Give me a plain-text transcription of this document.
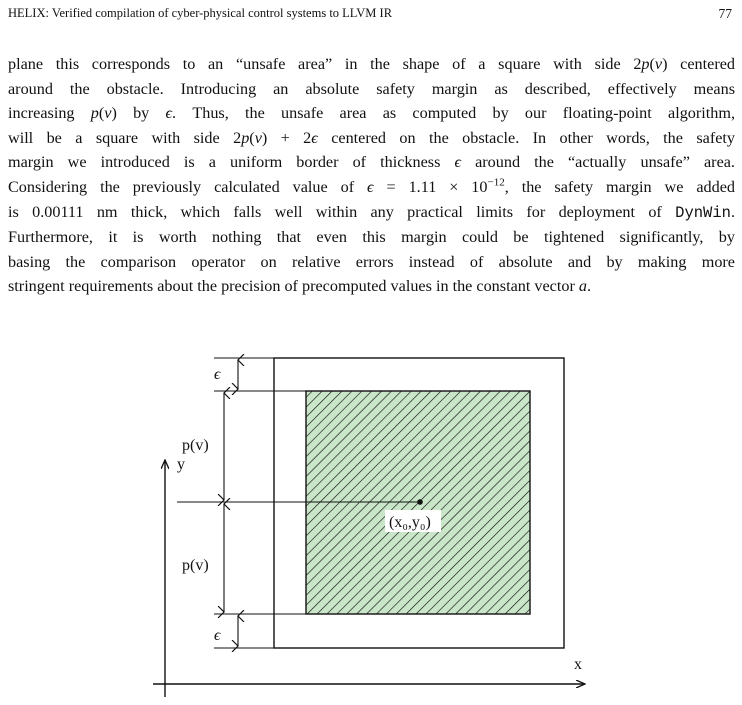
HELIX: Verified compilation of cyber-physical control systems to LLVM IR	77
plane this corresponds to an “unsafe area” in the shape of a square with side 2p(v) centered
around the obstacle. Introducing an absolute safety margin as described, effectively means
increasing p(v) by ϵ. Thus, the unsafe area as computed by our floating-point algorithm,
will be a square with side 2p(v) + 2ϵ centered on the obstacle. In other words, the safety
margin we introduced is a uniform border of thickness ϵ around the “actually unsafe” area.
Considering the previously calculated value of $\epsilon = 1.11 \times 10^{-12}$, the safety margin we added
is 0.00111 nm thick, which falls well within any practical limits for deployment of DynWin.
Furthermore, it is worth nothing that even this margin could be tightened significantly, by
basing the comparison operator on relative errors instead of absolute and by making more
stringent requirements about the precision of precomputed values in the constant vector a.
y
x
ϵ
p(v)
p(v)
ϵ
(x₀,y₀)
